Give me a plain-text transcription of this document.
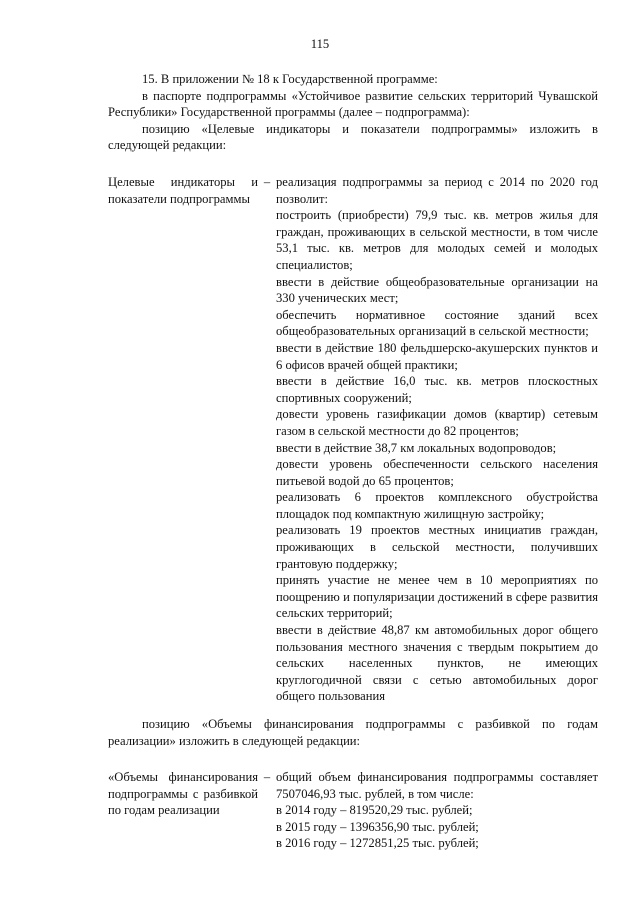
115

15. В приложении № 18 к Государственной программе:

в паспорте подпрограммы «Устойчивое развитие сельских территорий Чувашской Республики» Государственной программы (далее – подпрограмма):

позицию «Целевые индикаторы и показатели подпрограммы» изложить в следующей редакции:

Целевые индикаторы и показатели подпрограммы
– реализация подпрограммы за период с 2014 по 2020 год позволит:

построить (приобрести) 79,9 тыс. кв. метров жилья для граждан, проживающих в сельской местности, в том числе 53,1 тыс. кв. метров для молодых семей и молодых специалистов;

ввести в действие общеобразовательные организации на 330 ученических мест;

обеспечить нормативное состояние зданий всех общеобразовательных организаций в сельской местности;

ввести в действие 180 фельдшерско-акушерских пунктов и 6 офисов врачей общей практики;

ввести в действие 16,0 тыс. кв. метров плоскостных спортивных сооружений;

довести уровень газификации домов (квартир) сетевым газом в сельской местности до 82 процентов;

ввести в действие 38,7 км локальных водопроводов;

довести уровень обеспеченности сельского населения питьевой водой до 65 процентов;

реализовать 6 проектов комплексного обустройства площадок под компактную жилищную застройку;

реализовать 19 проектов местных инициатив граждан, проживающих в сельской местности, получивших грантовую поддержку;

принять участие не менее чем в 10 мероприятиях по поощрению и популяризации достижений в сфере развития сельских территорий;

ввести в действие 48,87 км автомобильных дорог общего пользования местного значения с твердым покрытием до сельских населенных пунктов, не имеющих круглогодичной связи с сетью автомобильных дорог общего пользования

позицию «Объемы финансирования подпрограммы с разбивкой по годам реализации» изложить в следующей редакции:

«Объемы финансирования подпрограммы с разбивкой по годам реализации
– общий объем финансирования подпрограммы составляет 7507046,93 тыс. рублей, в том числе:

в 2014 году – 819520,29 тыс. рублей;

в 2015 году – 1396356,90 тыс. рублей;

в 2016 году – 1272851,25 тыс. рублей;
